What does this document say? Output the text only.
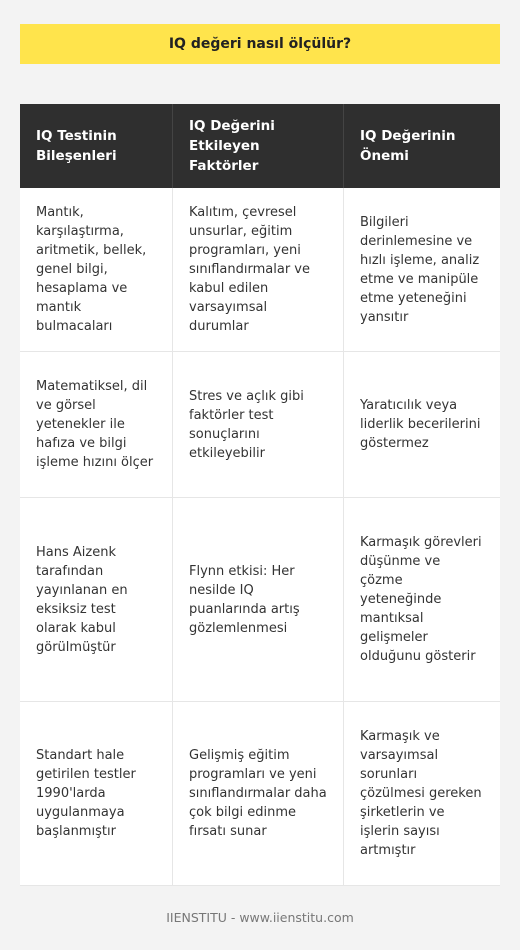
IQ değeri nasıl ölçülür?
IQ Testinin Bileşenleri
IQ Değerini Etkileyen Faktörler
IQ Değerinin Önemi
Mantık, karşılaştırma, aritmetik, bellek, genel bilgi, hesaplama ve mantık bulmacaları
Kalıtım, çevresel unsurlar, eğitim programları, yeni sınıflandırmalar ve kabul edilen varsayımsal durumlar
Bilgileri derinlemesine ve hızlı işleme, analiz etme ve manipüle etme yeteneğini yansıtır
Matematiksel, dil ve görsel yetenekler ile hafıza ve bilgi işleme hızını ölçer
Stres ve açlık gibi faktörler test sonuçlarını etkileyebilir
Yaratıcılık veya liderlik becerilerini göstermez
Hans Aizenk tarafından yayınlanan en eksiksiz test olarak kabul görülmüştür
Flynn etkisi: Her nesilde IQ puanlarında artış gözlemlenmesi
Karmaşık görevleri düşünme ve çözme yeteneğinde mantıksal gelişmeler olduğunu gösterir
Standart hale getirilen testler 1990'larda uygulanmaya başlanmıştır
Gelişmiş eğitim programları ve yeni sınıflandırmalar daha çok bilgi edinme fırsatı sunar
Karmaşık ve varsayımsal sorunları çözülmesi gereken şirketlerin ve işlerin sayısı artmıştır
IIENSTITU - www.iienstitu.com
